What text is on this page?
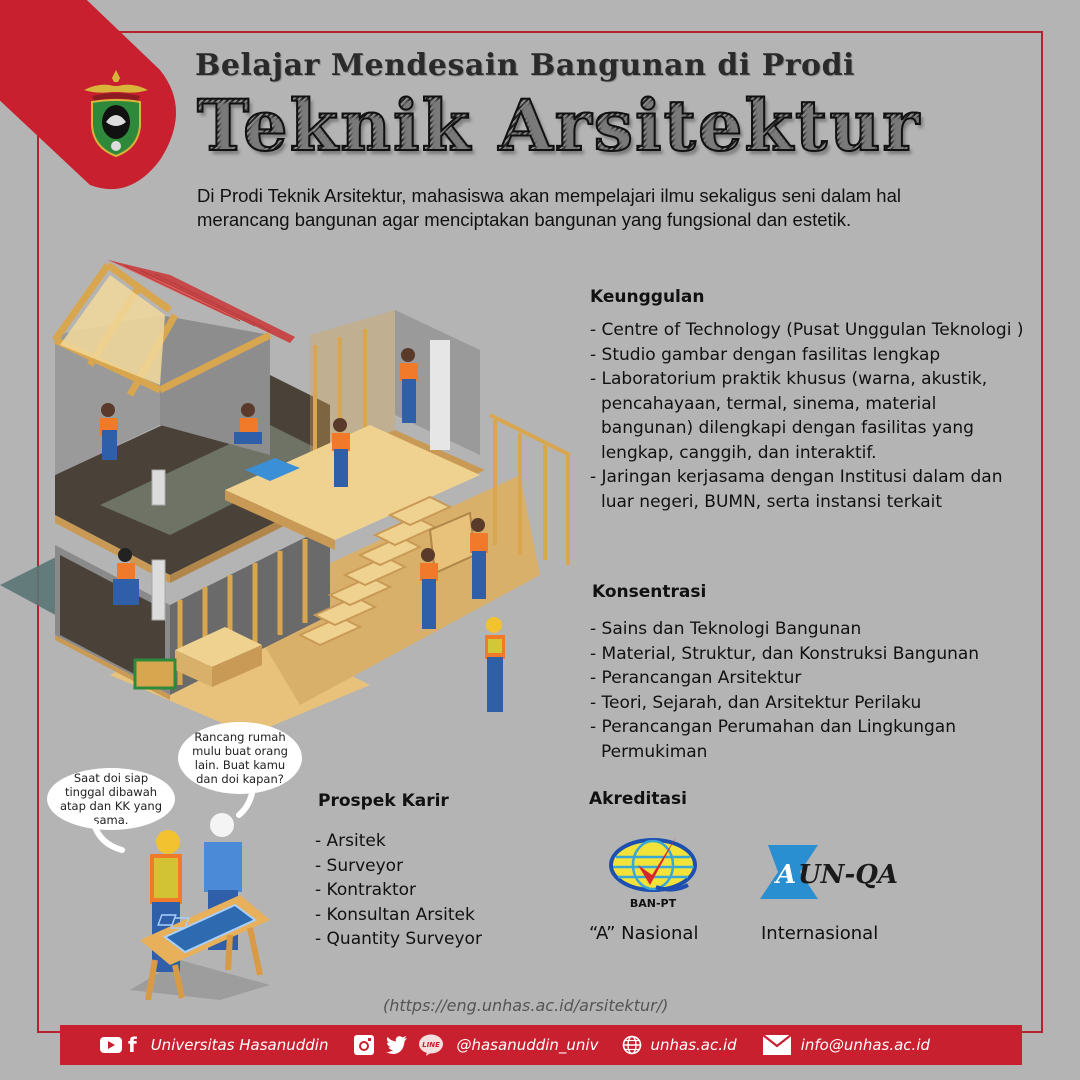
Belajar Mendesain Bangunan di Prodi
Teknik Arsitektur
Di Prodi Teknik Arsitektur, mahasiswa akan mempelajari ilmu sekaligus seni dalam hal merancang bangunan agar menciptakan bangunan yang fungsional dan estetik.
Rancang rumah mulu buat orang lain. Buat kamu dan doi kapan?
Saat doi siap tinggal dibawah atap dan KK yang sama.
Keunggulan
- Centre of Technology (Pusat Unggulan Teknologi )
- Studio gambar dengan fasilitas lengkap
- Laboratorium praktik khusus (warna, akustik, pencahayaan, termal, sinema, material bangunan) dilengkapi dengan fasilitas yang lengkap, canggih, dan interaktif.
- Jaringan kerjasama dengan Institusi dalam dan luar negeri, BUMN, serta instansi terkait
Konsentrasi
- Sains dan Teknologi Bangunan
- Material, Struktur, dan Konstruksi Bangunan
- Perancangan Arsitektur
- Teori, Sejarah, dan Arsitektur Perilaku
- Perancangan Perumahan dan Lingkungan Permukiman
Prospek Karir
- Arsitek
- Surveyor
- Kontraktor
- Konsultan Arsitek
- Quantity Surveyor
Akreditasi
BAN-PT
“A” Nasional
A UN-QA
Internasional
(https://eng.unhas.ac.id/arsitektur/)
f Universitas Hasanuddin	LINE @hasanuddin_univ	unhas.ac.id	info@unhas.ac.id
